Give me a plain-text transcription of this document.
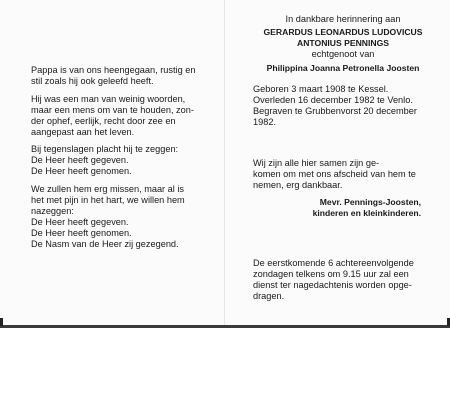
Pappa is van ons heengegaan, rustig en
stil zoals hij ook geleefd heeft.
Hij was een man van weinig woorden,
maar een mens om van te houden, zon-
der ophef, eerlijk, recht door zee en
aangepast aan het leven.
Bij tegenslagen placht hij te zeggen:
De Heer heeft gegeven.
De Heer heeft genomen.
We zullen hem erg missen, maar al is
het met pijn in het hart, we willen hem
nazeggen:
De Heer heeft gegeven.
De Heer heeft genomen.
De Nasm van de Heer zij gezegend.
In dankbare herinnering aan
GERARDUS LEONARDUS LUDOVICUS
ANTONIUS PENNINGS
echtgenoot van
Philippina Joanna Petronella Joosten
Geboren 3 maart 1908 te Kessel.
Overleden 16 december 1982 te Venlo.
Begraven te Grubbenvorst 20 december
1982.
Wij zijn alle hier samen zijn ge-
komen om met ons afscheid van hem te
nemen, erg dankbaar.
Mevr. Pennings-Joosten,
kinderen en kleinkinderen.
De eerstkomende 6 achtereenvolgende
zondagen telkens om 9.15 uur zal een
dienst ter nagedachtenis worden opge-
dragen.
